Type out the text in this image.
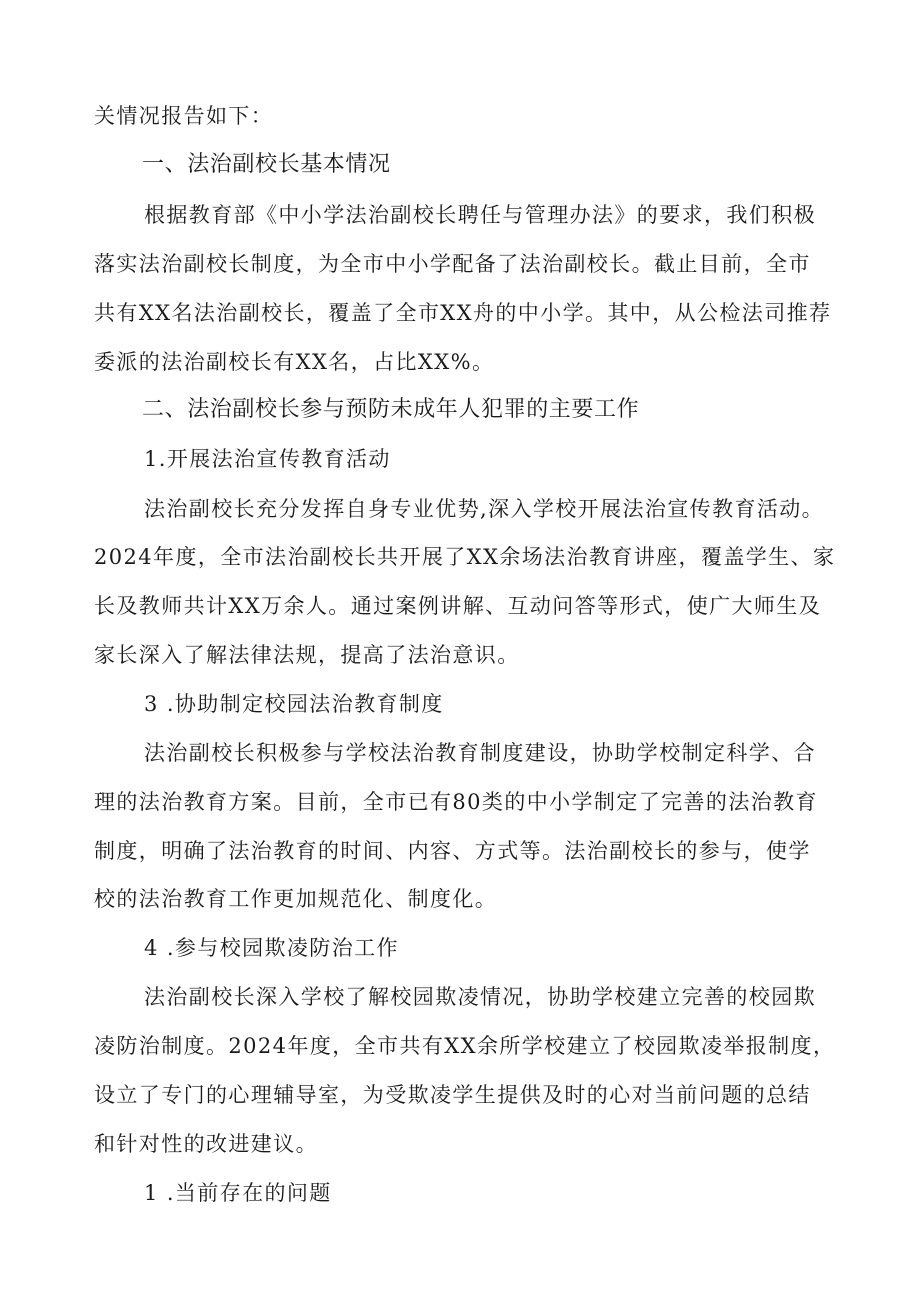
关情况报告如下：
一、法治副校长基本情况
根据教育部《中小学法治副校长聘任与管理办法》的要求，我们积极
落实法治副校长制度，为全市中小学配备了法治副校长。截止目前，全市
共有XX名法治副校长，覆盖了全市XX舟的中小学。其中，从公检法司推荐
委派的法治副校长有XX名，占比XX%。
二、法治副校长参与预防未成年人犯罪的主要工作
1.开展法治宣传教育活动
法治副校长充分发挥自身专业优势,深入学校开展法治宣传教育活动。
2024年度，全市法治副校长共开展了XX余场法治教育讲座，覆盖学生、家
长及教师共计XX万余人。通过案例讲解、互动问答等形式，使广大师生及
家长深入了解法律法规，提高了法治意识。
3 .协助制定校园法治教育制度
法治副校长积极参与学校法治教育制度建设，协助学校制定科学、合
理的法治教育方案。目前，全市已有80类的中小学制定了完善的法治教育
制度，明确了法治教育的时间、内容、方式等。法治副校长的参与，使学
校的法治教育工作更加规范化、制度化。
4 .参与校园欺凌防治工作
法治副校长深入学校了解校园欺凌情况，协助学校建立完善的校园欺
凌防治制度。2024年度，全市共有XX余所学校建立了校园欺凌举报制度，
设立了专门的心理辅导室，为受欺凌学生提供及时的心对当前问题的总结
和针对性的改进建议。
1 .当前存在的问题
